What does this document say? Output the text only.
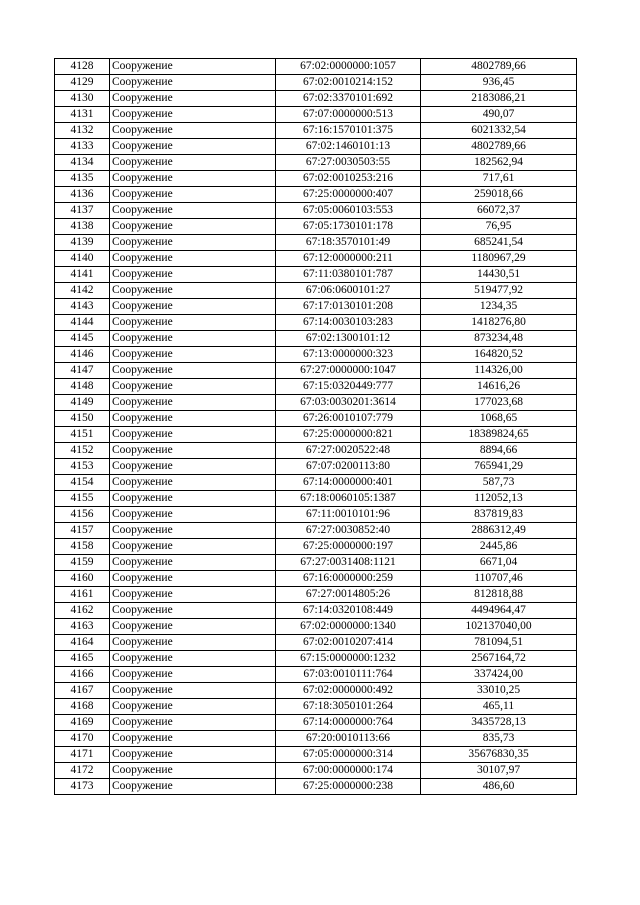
4128	Сооружение	67:02:0000000:1057	4802789,66
4129	Сооружение	67:02:0010214:152	936,45
4130	Сооружение	67:02:3370101:692	2183086,21
4131	Сооружение	67:07:0000000:513	490,07
4132	Сооружение	67:16:1570101:375	6021332,54
4133	Сооружение	67:02:1460101:13	4802789,66
4134	Сооружение	67:27:0030503:55	182562,94
4135	Сооружение	67:02:0010253:216	717,61
4136	Сооружение	67:25:0000000:407	259018,66
4137	Сооружение	67:05:0060103:553	66072,37
4138	Сооружение	67:05:1730101:178	76,95
4139	Сооружение	67:18:3570101:49	685241,54
4140	Сооружение	67:12:0000000:211	1180967,29
4141	Сооружение	67:11:0380101:787	14430,51
4142	Сооружение	67:06:0600101:27	519477,92
4143	Сооружение	67:17:0130101:208	1234,35
4144	Сооружение	67:14:0030103:283	1418276,80
4145	Сооружение	67:02:1300101:12	873234,48
4146	Сооружение	67:13:0000000:323	164820,52
4147	Сооружение	67:27:0000000:1047	114326,00
4148	Сооружение	67:15:0320449:777	14616,26
4149	Сооружение	67:03:0030201:3614	177023,68
4150	Сооружение	67:26:0010107:779	1068,65
4151	Сооружение	67:25:0000000:821	18389824,65
4152	Сооружение	67:27:0020522:48	8894,66
4153	Сооружение	67:07:0200113:80	765941,29
4154	Сооружение	67:14:0000000:401	587,73
4155	Сооружение	67:18:0060105:1387	112052,13
4156	Сооружение	67:11:0010101:96	837819,83
4157	Сооружение	67:27:0030852:40	2886312,49
4158	Сооружение	67:25:0000000:197	2445,86
4159	Сооружение	67:27:0031408:1121	6671,04
4160	Сооружение	67:16:0000000:259	110707,46
4161	Сооружение	67:27:0014805:26	812818,88
4162	Сооружение	67:14:0320108:449	4494964,47
4163	Сооружение	67:02:0000000:1340	102137040,00
4164	Сооружение	67:02:0010207:414	781094,51
4165	Сооружение	67:15:0000000:1232	2567164,72
4166	Сооружение	67:03:0010111:764	337424,00
4167	Сооружение	67:02:0000000:492	33010,25
4168	Сооружение	67:18:3050101:264	465,11
4169	Сооружение	67:14:0000000:764	3435728,13
4170	Сооружение	67:20:0010113:66	835,73
4171	Сооружение	67:05:0000000:314	35676830,35
4172	Сооружение	67:00:0000000:174	30107,97
4173	Сооружение	67:25:0000000:238	486,60
